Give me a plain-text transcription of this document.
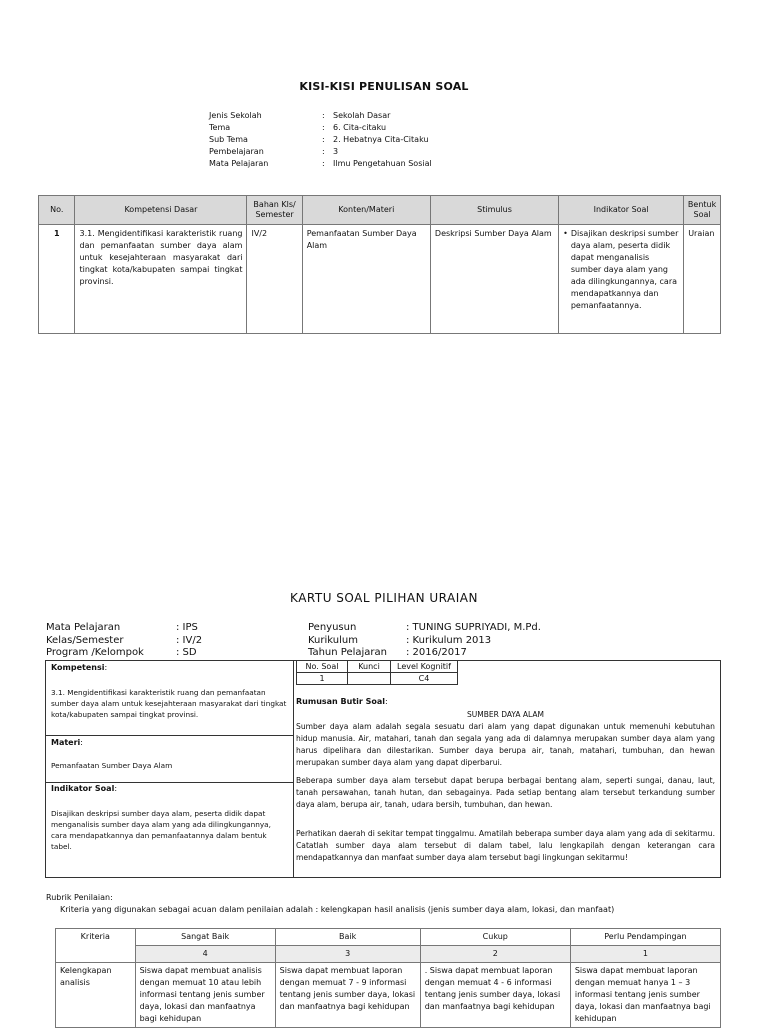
KISI-KISI PENULISAN SOAL
Jenis Sekolah	: Sekolah Dasar
Tema	: 6. Cita-citaku
Sub Tema	: 2. Hebatnya Cita-Citaku
Pembelajaran	: 3
Mata Pelajaran	: Ilmu Pengetahuan Sosial
No.	Kompetensi Dasar	Bahan Kls/ Semester	Konten/Materi	Stimulus	Indikator Soal	Bentuk Soal
1	3.1. Mengidentifikasi karakteristik ruang dan pemanfaatan sumber daya alam untuk kesejahteraan masyarakat dari tingkat kota/kabupaten sampai tingkat provinsi.	IV/2	Pemanfaatan Sumber Daya Alam	Deskripsi Sumber Daya Alam	• Disajikan deskripsi sumber daya alam, peserta didik dapat menganalisis sumber daya alam yang ada dilingkungannya, cara mendapatkannya dan pemanfaatannya.	Uraian
KARTU SOAL PILIHAN URAIAN
Mata Pelajaran	: IPS
Kelas/Semester	: IV/2
Program /Kelompok	: SD
Penyusun	: TUNING SUPRIYADI, M.Pd.
Kurikulum	: Kurikulum 2013
Tahun Pelajaran : 2016/2017
Kompetensi:
3.1. Mengidentifikasi karakteristik ruang dan pemanfaatan sumber daya alam untuk kesejahteraan masyarakat dari tingkat kota/kabupaten sampai tingkat provinsi.
Materi:
Pemanfaatan Sumber Daya Alam
Indikator Soal:
Disajikan deskripsi sumber daya alam, peserta didik dapat menganalisis sumber daya alam yang ada dilingkungannya, cara mendapatkannya dan pemanfaatannya dalam bentuk tabel.
No. Soal	Kunci	Level Kognitif
1		C4
Rumusan Butir Soal:
SUMBER DAYA ALAM
Sumber daya alam adalah segala sesuatu dari alam yang dapat digunakan untuk memenuhi kebutuhan hidup manusia. Air, matahari, tanah dan segala yang ada di dalamnya merupakan sumber daya alam yang harus dipelihara dan dilestarikan. Sumber daya berupa air, tanah, matahari, tumbuhan, dan hewan merupakan sumber daya alam yang dapat diperbarui.
Beberapa sumber daya alam tersebut dapat berupa berbagai bentang alam, seperti sungai, danau, laut, tanah persawahan, tanah hutan, dan sebagainya. Pada setiap bentang alam tersebut terkandung sumber daya alam, berupa air, tanah, udara bersih, tumbuhan, dan hewan.
Perhatikan daerah di sekitar tempat tinggalmu. Amatilah beberapa sumber daya alam yang ada di sekitarmu. Catatlah sumber daya alam tersebut di dalam tabel, lalu lengkapilah dengan keterangan cara mendapatkannya dan manfaat sumber daya alam tersebut bagi lingkungan sekitarmu!
Rubrik Penilaian:
Kriteria yang digunakan sebagai acuan dalam penilaian adalah : kelengkapan hasil analisis (jenis sumber daya alam, lokasi, dan manfaat)
Kriteria	Sangat Baik	Baik	Cukup	Perlu Pendampingan
	4	3	2	1
Kelengkapan analisis	Siswa dapat membuat analisis dengan memuat 10 atau lebih informasi tentang jenis sumber daya, lokasi dan manfaatnya bagi kehidupan	Siswa dapat membuat laporan dengan memuat 7 - 9 informasi tentang jenis sumber daya, lokasi dan manfaatnya bagi kehidupan	. Siswa dapat membuat laporan dengan memuat 4 - 6 informasi tentang jenis sumber daya, lokasi dan manfaatnya bagi kehidupan	Siswa dapat membuat laporan dengan memuat hanya 1 – 3 informasi tentang jenis sumber daya, lokasi dan manfaatnya bagi kehidupan
